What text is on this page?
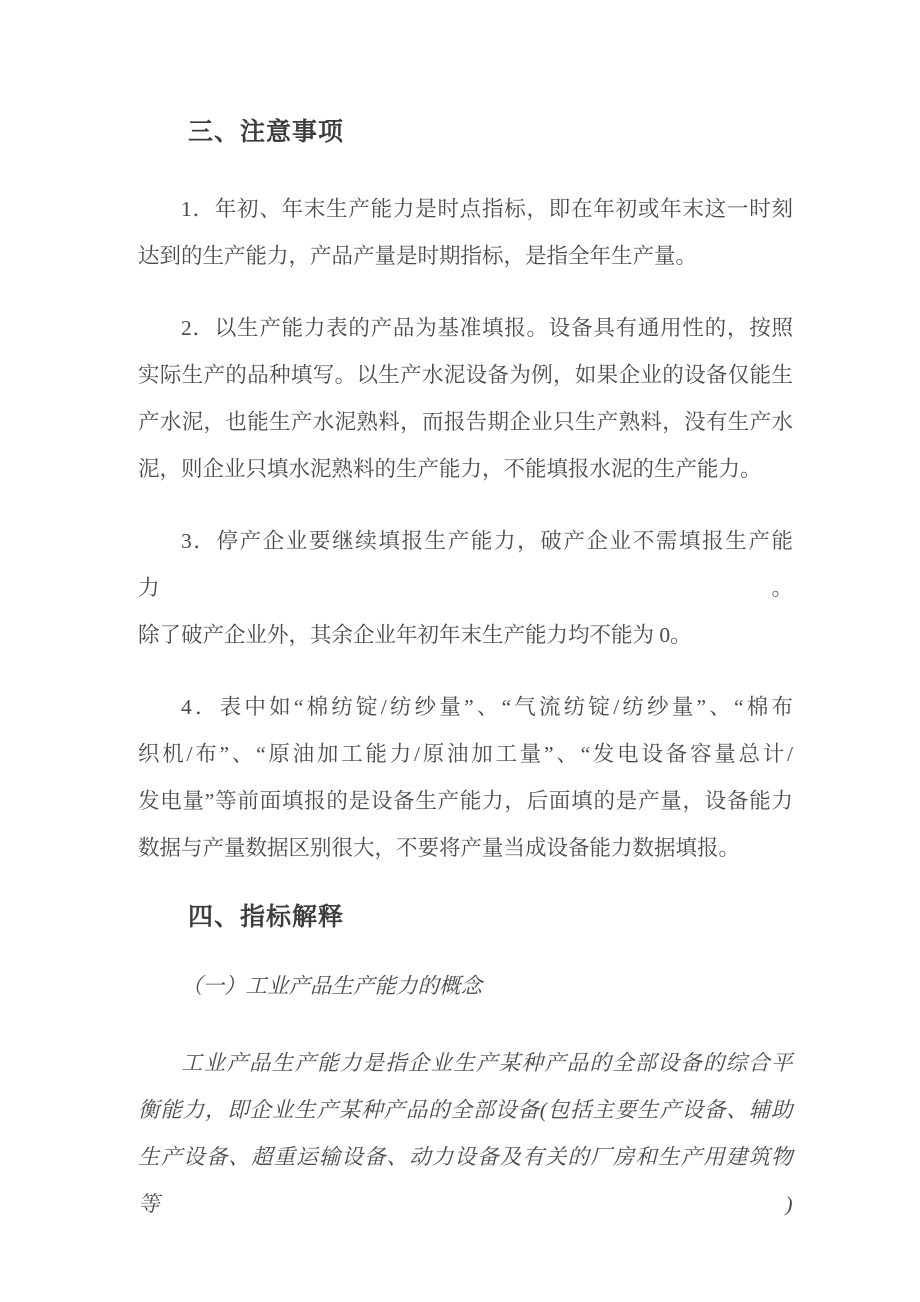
三、注意事项

1．年初、年末生产能力是时点指标，即在年初或年末这一时刻
达到的生产能力，产品产量是时期指标，是指全年生产量。

2．以生产能力表的产品为基准填报。设备具有通用性的，按照
实际生产的品种填写。以生产水泥设备为例，如果企业的设备仅能生
产水泥，也能生产水泥熟料，而报告期企业只生产熟料，没有生产水
泥，则企业只填水泥熟料的生产能力，不能填报水泥的生产能力。

3．停产企业要继续填报生产能力，破产企业不需填报生产能力。
除了破产企业外，其余企业年初年末生产能力均不能为 0。

4．表中如“棉纺锭/纺纱量”、“气流纺锭/纺纱量”、“棉布
织机/布”、“原油加工能力/原油加工量”、“发电设备容量总计/
发电量”等前面填报的是设备生产能力，后面填的是产量，设备能力
数据与产量数据区别很大，不要将产量当成设备能力数据填报。

四、指标解释

（一）工业产品生产能力的概念

工业产品生产能力是指企业生产某种产品的全部设备的综合平
衡能力，即企业生产某种产品的全部设备(包括主要生产设备、辅助
生产设备、超重运输设备、动力设备及有关的厂房和生产用建筑物等)
